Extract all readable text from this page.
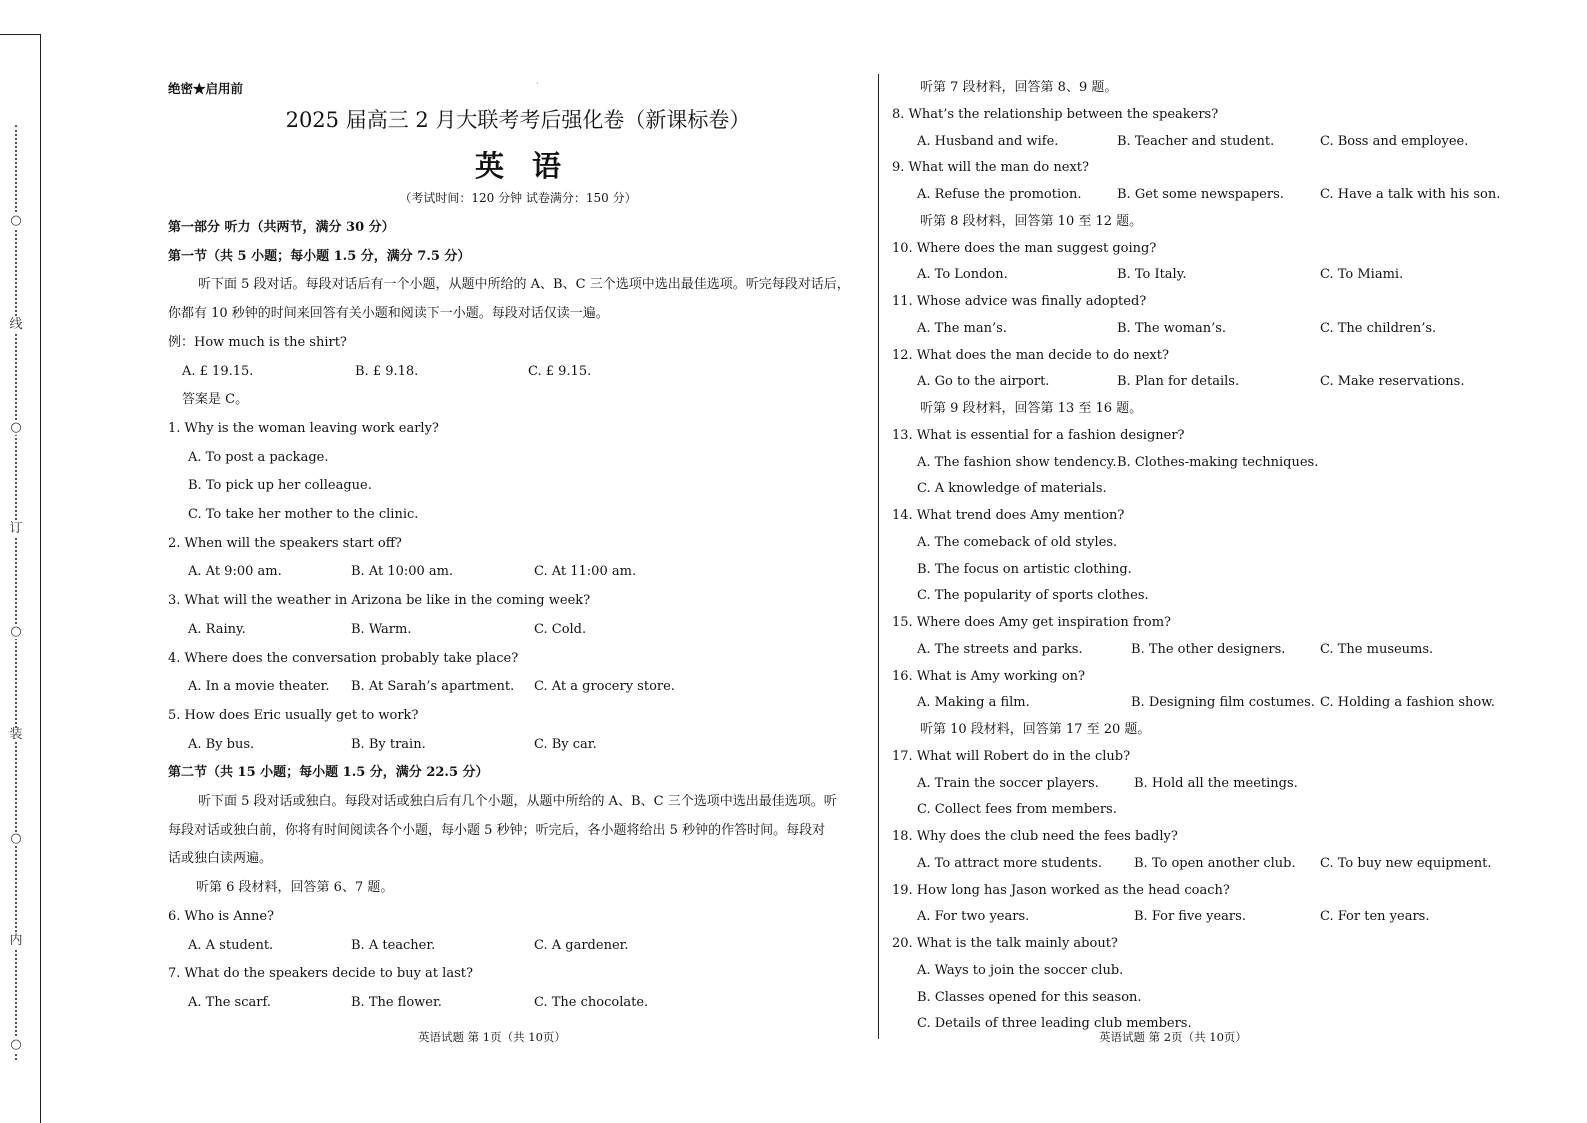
○
线
○
订
○
装
○
内
○
绝密★启用前	·
2025 届高三 2 月大联考考后强化卷（新课标卷）
英语
（考试时间：120 分钟 试卷满分：150 分）
第一部分 听力（共两节，满分 30 分）
第一节（共 5 小题；每小题 1.5 分，满分 7.5 分）
听下面 5 段对话。每段对话后有一个小题，从题中所给的 A、B、C 三个选项中选出最佳选项。听完每段对话后，
你都有 10 秒钟的时间来回答有关小题和阅读下一小题。每段对话仅读一遍。
例：How much is the shirt?
A. £ 19.15.	B. £ 9.18.	C. £ 9.15.
答案是 C。
1. Why is the woman leaving work early?
A. To post a package.
B. To pick up her colleague.
C. To take her mother to the clinic.
2. When will the speakers start off?
A. At 9:00 am.	B. At 10:00 am.	C. At 11:00 am.
3. What will the weather in Arizona be like in the coming week?
A. Rainy.	B. Warm.	C. Cold.
4. Where does the conversation probably take place?
A. In a movie theater. B. At Sarah’s apartment. C. At a grocery store.
5. How does Eric usually get to work?
A. By bus.	B. By train.	C. By car.
第二节（共 15 小题；每小题 1.5 分，满分 22.5 分）
听下面 5 段对话或独白。每段对话或独白后有几个小题，从题中所给的 A、B、C 三个选项中选出最佳选项。听
每段对话或独白前，你将有时间阅读各个小题，每小题 5 秒钟；听完后，各小题将给出 5 秒钟的作答时间。每段对
话或独白读两遍。
听第 6 段材料，回答第 6、7 题。
6. Who is Anne?
A. A student.	B. A teacher.	C. A gardener.
7. What do the speakers decide to buy at last?
A. The scarf.	B. The flower.	C. The chocolate.
听第 7 段材料，回答第 8、9 题。
8. What’s the relationship between the speakers?
A. Husband and wife.	B. Teacher and student.	C. Boss and employee.
9. What will the man do next?
A. Refuse the promotion.	B. Get some newspapers.	C. Have a talk with his son.
听第 8 段材料，回答第 10 至 12 题。
10. Where does the man suggest going?
A. To London.	B. To Italy.	C. To Miami.
11. Whose advice was finally adopted?
A. The man’s.	B. The woman’s.	C. The children’s.
12. What does the man decide to do next?
A. Go to the airport.	B. Plan for details.	C. Make reservations.
听第 9 段材料，回答第 13 至 16 题。
13. What is essential for a fashion designer?
A. The fashion show tendency. B. Clothes-making techniques.
C. A knowledge of materials.
14. What trend does Amy mention?
A. The comeback of old styles.
B. The focus on artistic clothing.
C. The popularity of sports clothes.
15. Where does Amy get inspiration from?
A. The streets and parks.	B. The other designers.	C. The museums.
16. What is Amy working on?
A. Making a film.	B. Designing film costumes. C. Holding a fashion show.
听第 10 段材料，回答第 17 至 20 题。
17. What will Robert do in the club?
A. Train the soccer players.	B. Hold all the meetings.
C. Collect fees from members.
18. Why does the club need the fees badly?
A. To attract more students. B. To open another club. C. To buy new equipment.
19. How long has Jason worked as the head coach?
A. For two years.	B. For five years.	C. For ten years.
20. What is the talk mainly about?
A. Ways to join the soccer club.
B. Classes opened for this season.
C. Details of three leading club members.
英语试题 第 1页（共 10页）	英语试题 第 2页（共 10页）
